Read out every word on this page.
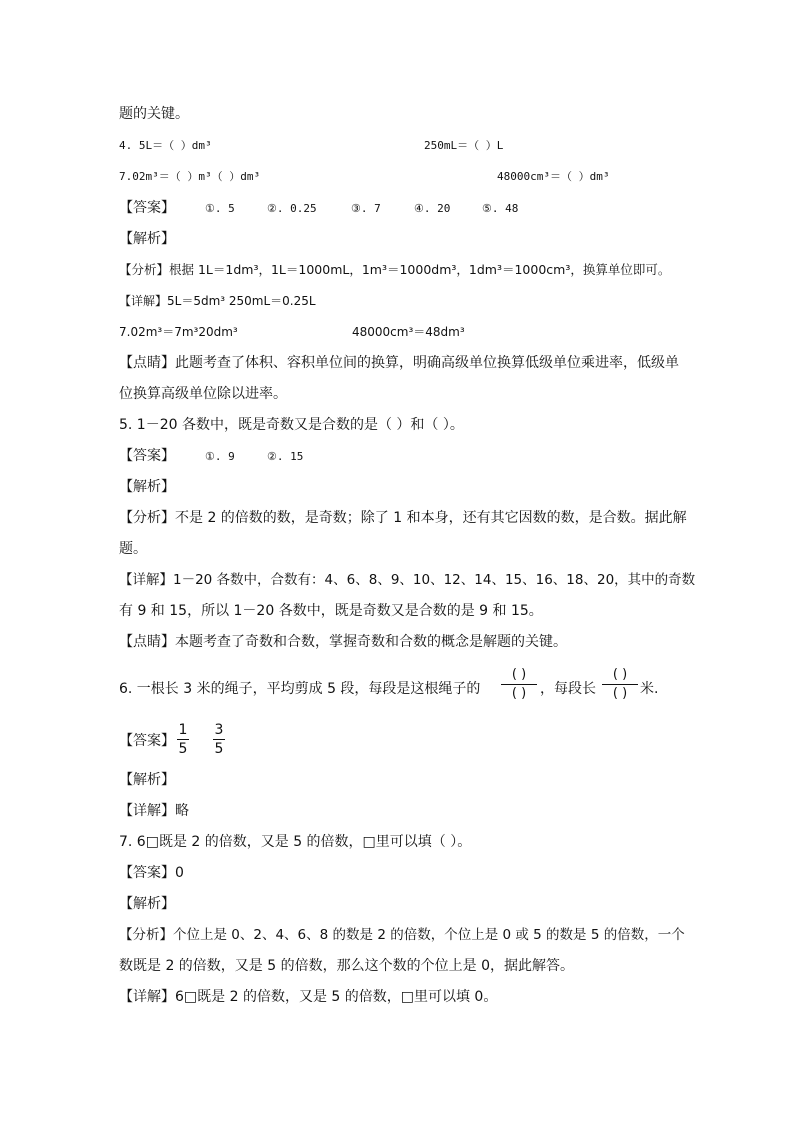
题的关键。
4. 5L＝（ ）dm³	250mL＝（ ）L
7.02m³＝（ ）m³（ ）dm³	48000cm³＝（ ）dm³
【答案】	①. 5	②. 0.25	③. 7	④. 20	⑤. 48
【解析】
【分析】根据 1L＝1dm³，1L＝1000mL，1m³＝1000dm³，1dm³＝1000cm³，换算单位即可。
【详解】5L＝5dm³ 250mL＝0.25L
7.02m³＝7m³20dm³	48000cm³＝48dm³
【点睛】此题考查了体积、容积单位间的换算，明确高级单位换算低级单位乘进率，低级单
位换算高级单位除以进率。
5. 1－20 各数中，既是奇数又是合数的是（ ）和（ ）。
【答案】	①. 9	②. 15
【解析】
【分析】不是 2 的倍数的数，是奇数；除了 1 和本身，还有其它因数的数，是合数。据此解
题。
【详解】1－20 各数中，合数有：4、6、8、9、10、12、14、15、16、18、20，其中的奇数
有 9 和 15，所以 1－20 各数中，既是奇数又是合数的是 9 和 15。
【点睛】本题考查了奇数和合数，掌握奇数和合数的概念是解题的关键。
6. 一根长 3 米的绳子，平均剪成 5 段，每段是这根绳子的
( )
( ) ，每段长
( )
( ) 米.
【答案】
1
5
3
5
【解析】
【详解】略
7. 6□既是 2 的倍数，又是 5 的倍数，□里可以填（ ）。
【答案】0
【解析】
【分析】个位上是 0、2、4、6、8 的数是 2 的倍数，个位上是 0 或 5 的数是 5 的倍数，一个
数既是 2 的倍数，又是 5 的倍数，那么这个数的个位上是 0，据此解答。
【详解】6□既是 2 的倍数，又是 5 的倍数，□里可以填 0。
